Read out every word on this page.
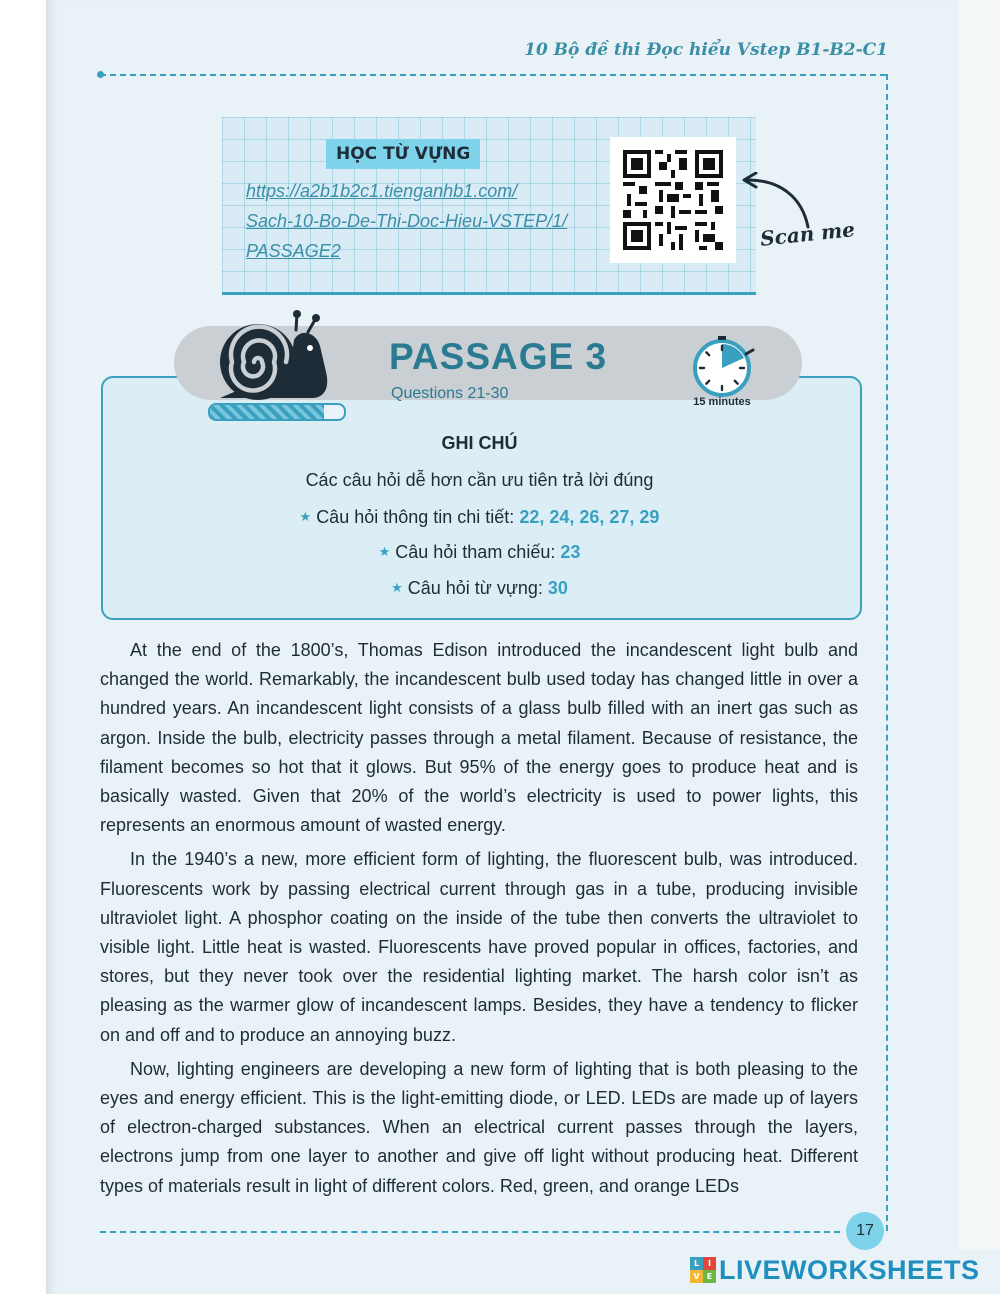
10 Bộ đề thi Đọc hiểu Vstep B1-B2-C1
HỌC TỪ VỰNG
https://a2b1b2c1.tienganhb1.com/
Sach-10-Bo-De-Thi-Doc-Hieu-VSTEP/1/
PASSAGE2
Scan me
PASSAGE 3
Questions 21-30	15 minutes
GHI CHÚ
Các câu hỏi dễ hơn cần ưu tiên trả lời đúng
★ Câu hỏi thông tin chi tiết: 22, 24, 26, 27, 29
★ Câu hỏi tham chiếu: 23
★ Câu hỏi từ vựng: 30

At the end of the 1800’s, Thomas Edison introduced the incandescent light bulb and changed the world. Remarkably, the incandescent bulb used today has changed little in over a hundred years. An incandescent light consists of a glass bulb filled with an inert gas such as argon. Inside the bulb, electricity passes through a metal filament. Because of resistance, the filament becomes so hot that it glows. But 95% of the energy goes to produce heat and is basically wasted. Given that 20% of the world’s electricity is used to power lights, this represents an enormous amount of wasted energy.

In the 1940’s a new, more efficient form of lighting, the fluorescent bulb, was introduced. Fluorescents work by passing electrical current through gas in a tube, producing invisible ultraviolet light. A phosphor coating on the inside of the tube then converts the ultraviolet to visible light. Little heat is wasted. Fluorescents have proved popular in offices, factories, and stores, but they never took over the residential lighting market. The harsh color isn’t as pleasing as the warmer glow of incandescent lamps. Besides, they have a tendency to flicker on and off and to produce an annoying buzz.

Now, lighting engineers are developing a new form of lighting that is both pleasing to the eyes and energy efficient. This is the light-emitting diode, or LED. LEDs are made up of layers of electron-charged substances. When an electrical current passes through the layers, electrons jump from one layer to another and give off light without producing heat. Different types of materials result in light of different colors. Red, green, and orange LEDs

17
L	I
V E LIVEWORKSHEETS
